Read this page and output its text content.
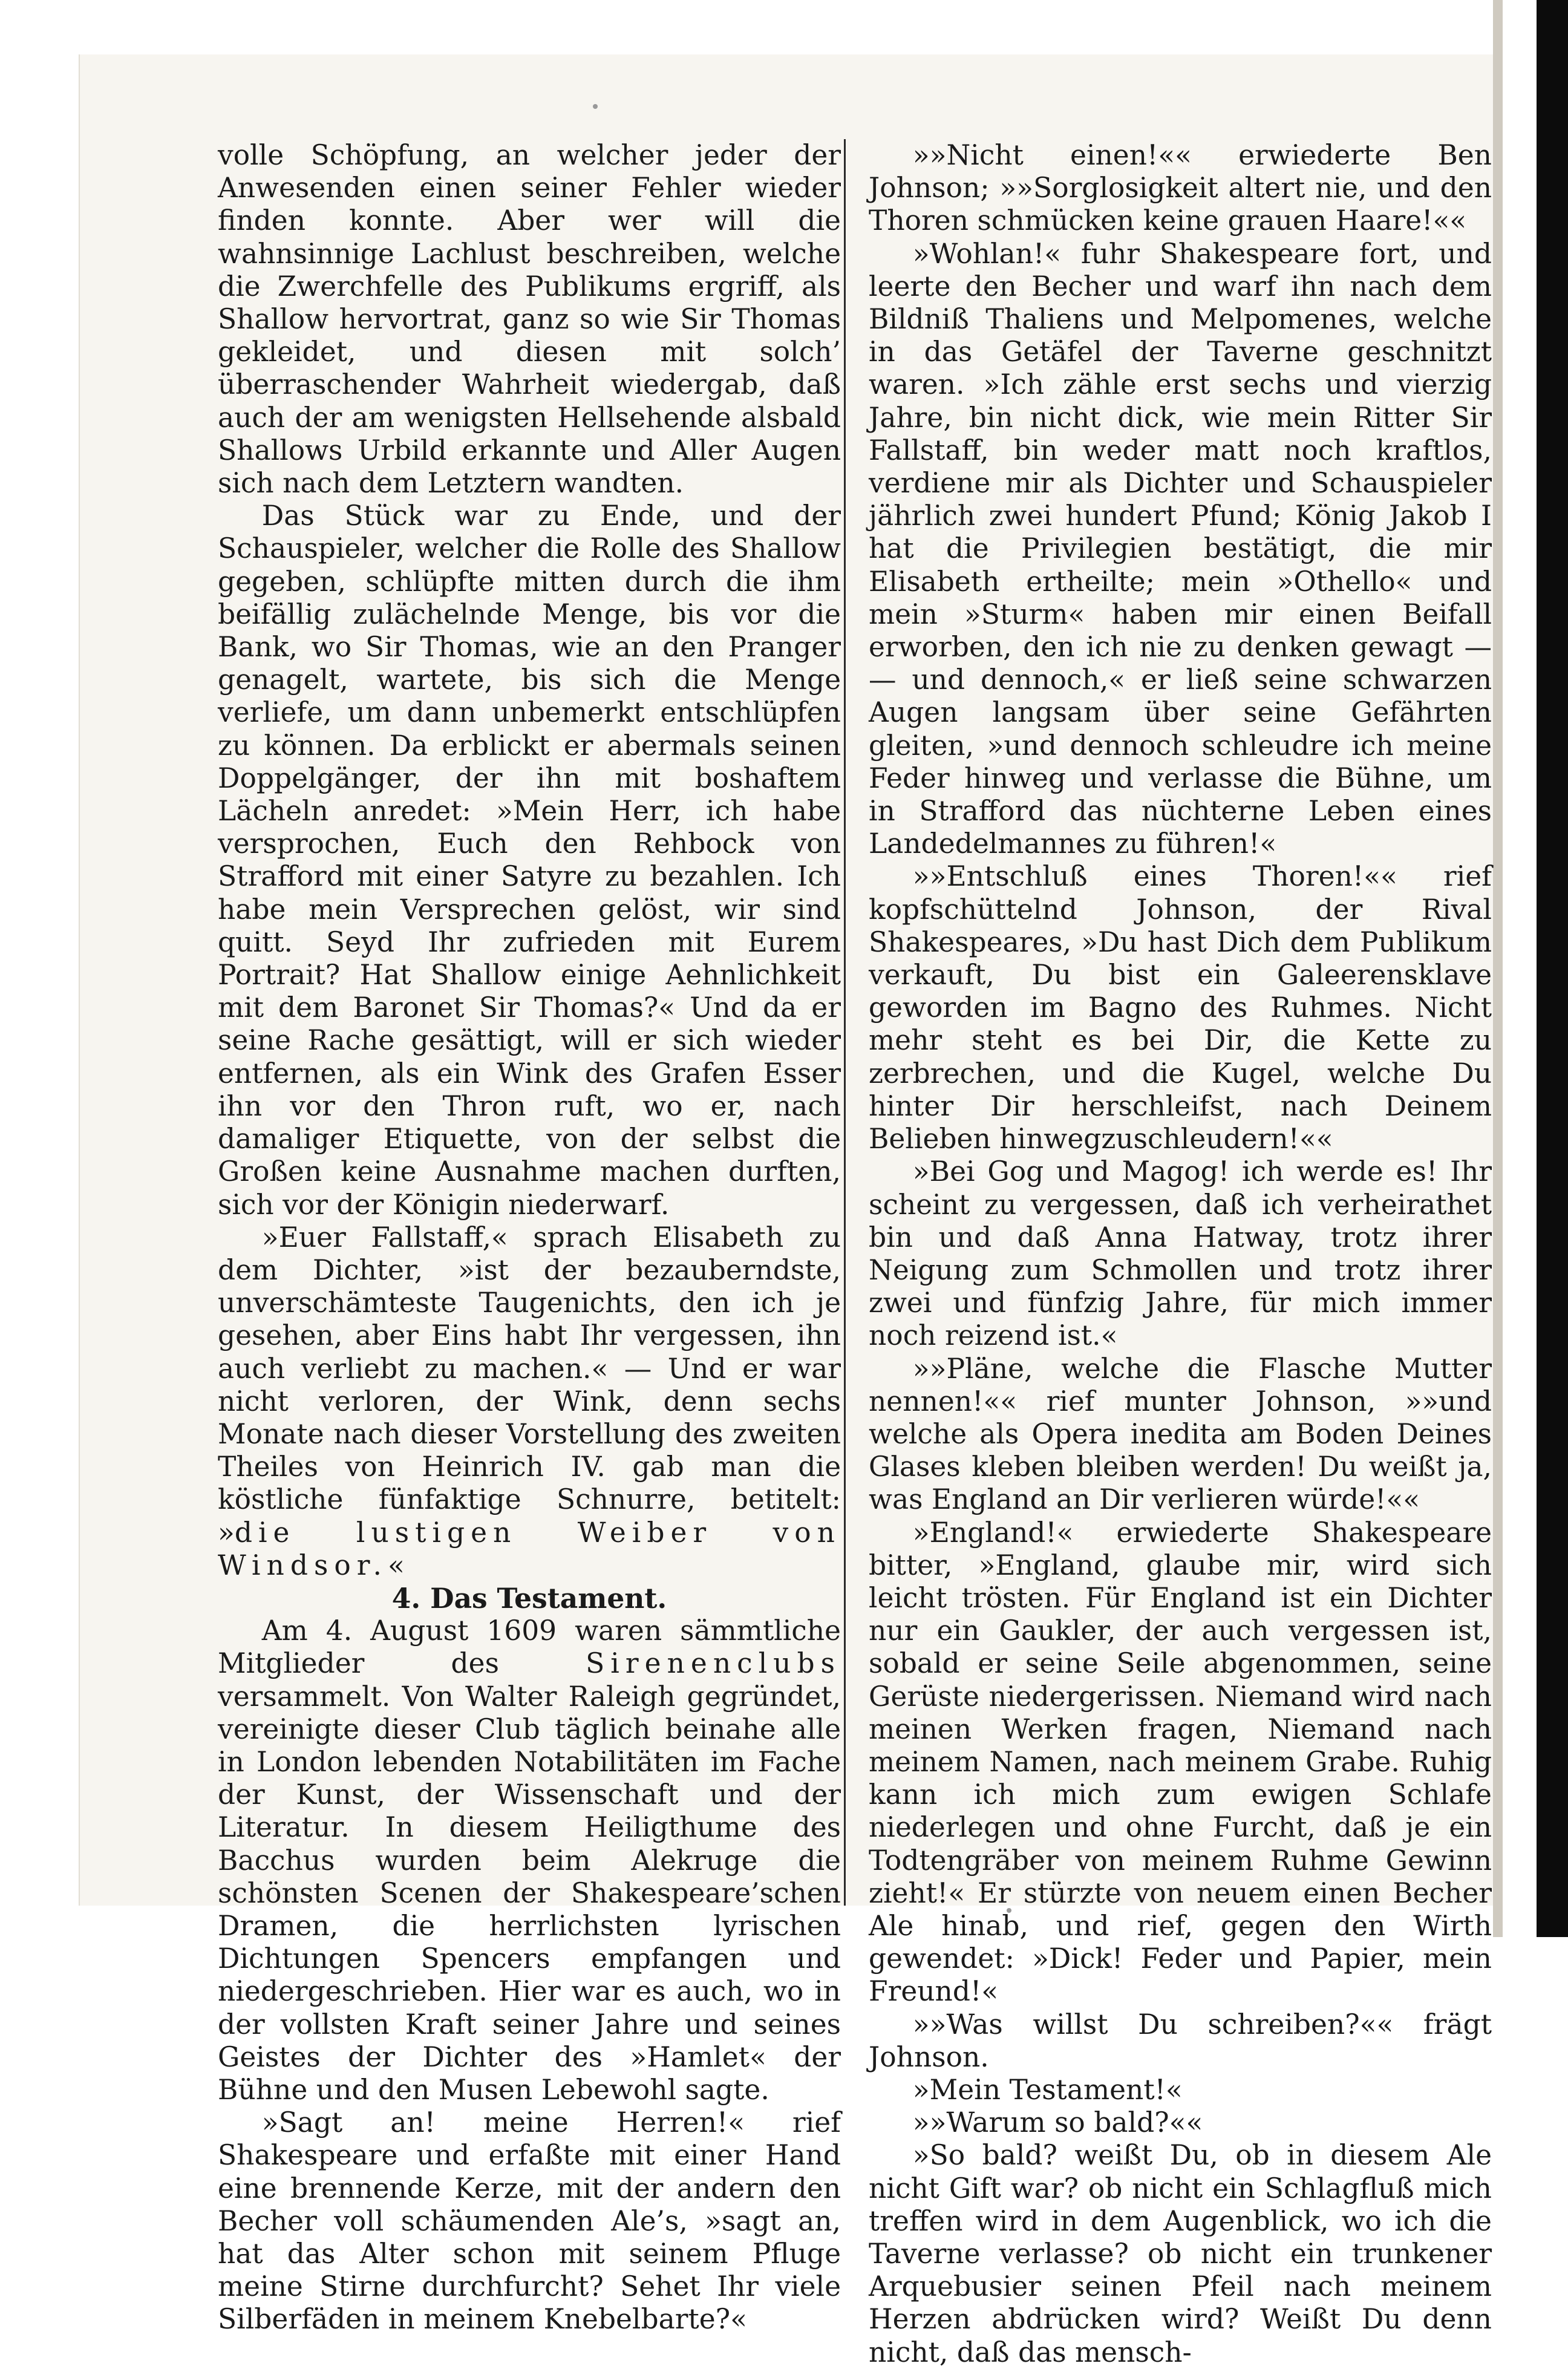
volle Schöpfung, an welcher jeder der Anwesenden einen seiner Fehler wieder finden konnte. Aber wer will die wahnsinnige Lachlust beschreiben, welche die Zwerchfelle des Publikums ergriff, als Shallow hervortrat, ganz so wie Sir Thomas gekleidet, und diesen mit solch’ überraschender Wahrheit wiedergab, daß auch der am wenigsten Hellsehende alsbald Shallows Urbild erkannte und Aller Augen sich nach dem Letztern wandten.

Das Stück war zu Ende, und der Schauspieler, welcher die Rolle des Shallow gegeben, schlüpfte mitten durch die ihm beifällig zulächelnde Menge, bis vor die Bank, wo Sir Thomas, wie an den Pranger genagelt, wartete, bis sich die Menge verliefe, um dann unbemerkt entschlüpfen zu können. Da erblickt er abermals seinen Doppelgänger, der ihn mit boshaftem Lächeln anredet: »Mein Herr, ich habe versprochen, Euch den Rehbock von Strafford mit einer Satyre zu bezahlen. Ich habe mein Versprechen gelöst, wir sind quitt. Seyd Ihr zufrieden mit Eurem Portrait? Hat Shallow einige Aehnlichkeit mit dem Baronet Sir Thomas?« Und da er seine Rache gesättigt, will er sich wieder entfernen, als ein Wink des Grafen Esser ihn vor den Thron ruft, wo er, nach damaliger Etiquette, von der selbst die Großen keine Ausnahme machen durften, sich vor der Königin niederwarf.

»Euer Fallstaff,« sprach Elisabeth zu dem Dichter, »ist der bezauberndste, unverschämteste Taugenichts, den ich je gesehen, aber Eins habt Ihr vergessen, ihn auch verliebt zu machen.« — Und er war nicht verloren, der Wink, denn sechs Monate nach dieser Vorstellung des zweiten Theiles von Heinrich IV. gab man die köstliche fünfaktige Schnurre, betitelt: »die lustigen Weiber von Windsor.«

4. Das Testament.

Am 4. August 1609 waren sämmtliche Mitglieder des Sirenenclubs versammelt. Von Walter Raleigh gegründet, vereinigte dieser Club täglich beinahe alle in London lebenden Notabilitäten im Fache der Kunst, der Wissenschaft und der Literatur. In diesem Heiligthume des Bacchus wurden beim Alekruge die schönsten Scenen der Shakespeare’schen Dramen, die herrlichsten lyrischen Dichtungen Spencers empfangen und niedergeschrieben. Hier war es auch, wo in der vollsten Kraft seiner Jahre und seines Geistes der Dichter des »Hamlet« der Bühne und den Musen Lebewohl sagte.

»Sagt an! meine Herren!« rief Shakespeare und erfaßte mit einer Hand eine brennende Kerze, mit der andern den Becher voll schäumenden Ale’s, »sagt an, hat das Alter schon mit seinem Pfluge meine Stirne durchfurcht? Sehet Ihr viele Silberfäden in meinem Knebelbarte?«

»»Nicht einen!«« erwiederte Ben Johnson; »»Sorglosigkeit altert nie, und den Thoren schmücken keine grauen Haare!««

»Wohlan!« fuhr Shakespeare fort, und leerte den Becher und warf ihn nach dem Bildniß Thaliens und Melpomenes, welche in das Getäfel der Taverne geschnitzt waren. »Ich zähle erst sechs und vierzig Jahre, bin nicht dick, wie mein Ritter Sir Fallstaff, bin weder matt noch kraftlos, verdiene mir als Dichter und Schauspieler jährlich zwei hundert Pfund; König Jakob I hat die Privilegien bestätigt, die mir Elisabeth ertheilte; mein »Othello« und mein »Sturm« haben mir einen Beifall erworben, den ich nie zu denken gewagt — — und dennoch,« er ließ seine schwarzen Augen langsam über seine Gefährten gleiten, »und dennoch schleudre ich meine Feder hinweg und verlasse die Bühne, um in Strafford das nüchterne Leben eines Landedelmannes zu führen!«

»»Entschluß eines Thoren!«« rief kopfschüttelnd Johnson, der Rival Shakespeares, »Du hast Dich dem Publikum verkauft, Du bist ein Galeerensklave geworden im Bagno des Ruhmes. Nicht mehr steht es bei Dir, die Kette zu zerbrechen, und die Kugel, welche Du hinter Dir herschleifst, nach Deinem Belieben hinwegzuschleudern!««

»Bei Gog und Magog! ich werde es! Ihr scheint zu vergessen, daß ich verheirathet bin und daß Anna Hatway, trotz ihrer Neigung zum Schmollen und trotz ihrer zwei und fünfzig Jahre, für mich immer noch reizend ist.«

»»Pläne, welche die Flasche Mutter nennen!«« rief munter Johnson, »»und welche als Opera inedita am Boden Deines Glases kleben bleiben werden! Du weißt ja, was England an Dir verlieren würde!««

»England!« erwiederte Shakespeare bitter, »England, glaube mir, wird sich leicht trösten. Für England ist ein Dichter nur ein Gaukler, der auch vergessen ist, sobald er seine Seile abgenommen, seine Gerüste niedergerissen. Niemand wird nach meinen Werken fragen, Niemand nach meinem Namen, nach meinem Grabe. Ruhig kann ich mich zum ewigen Schlafe niederlegen und ohne Furcht, daß je ein Todtengräber von meinem Ruhme Gewinn zieht!« Er stürzte von neuem einen Becher Ale hinab, und rief, gegen den Wirth gewendet: »Dick! Feder und Papier, mein Freund!«

»»Was willst Du schreiben?«« frägt Johnson.

»Mein Testament!«

»»Warum so bald?««

»So bald? weißt Du, ob in diesem Ale nicht Gift war? ob nicht ein Schlagfluß mich treffen wird in dem Augenblick, wo ich die Taverne verlasse? ob nicht ein trunkener Arquebusier seinen Pfeil nach meinem Herzen abdrücken wird? Weißt Du denn nicht, daß das mensch-
